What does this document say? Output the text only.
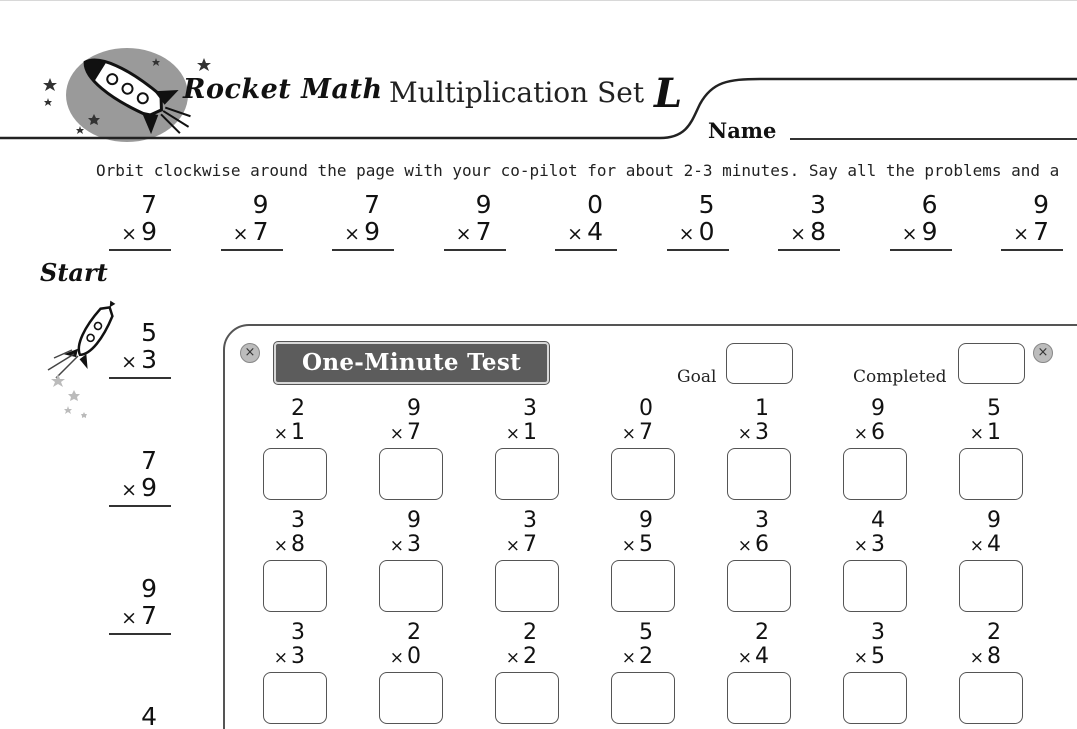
Rocket Math Multiplication Set L
Name
Orbit clockwise around the page with your co-pilot for about 2-3 minutes. Say all the problems and a
7
× 9
9
× 7
7
× 9
9
× 7
0
× 4
5
× 0
3
× 8
6
× 9
9
× 7
Start
5
× 3
7
× 9
9
× 7
4
×	×
One-Minute Test
Goal	Completed
2
× 1
9
× 7
3
× 1
0
× 7
1
× 3
9
× 6
5
× 1
3
× 8
9
× 3
3
× 7
9
× 5
3
× 6
4
× 3
9
× 4
3
× 3
2
× 0
2
× 2
5
× 2
2
× 4
3
× 5
2
× 8
